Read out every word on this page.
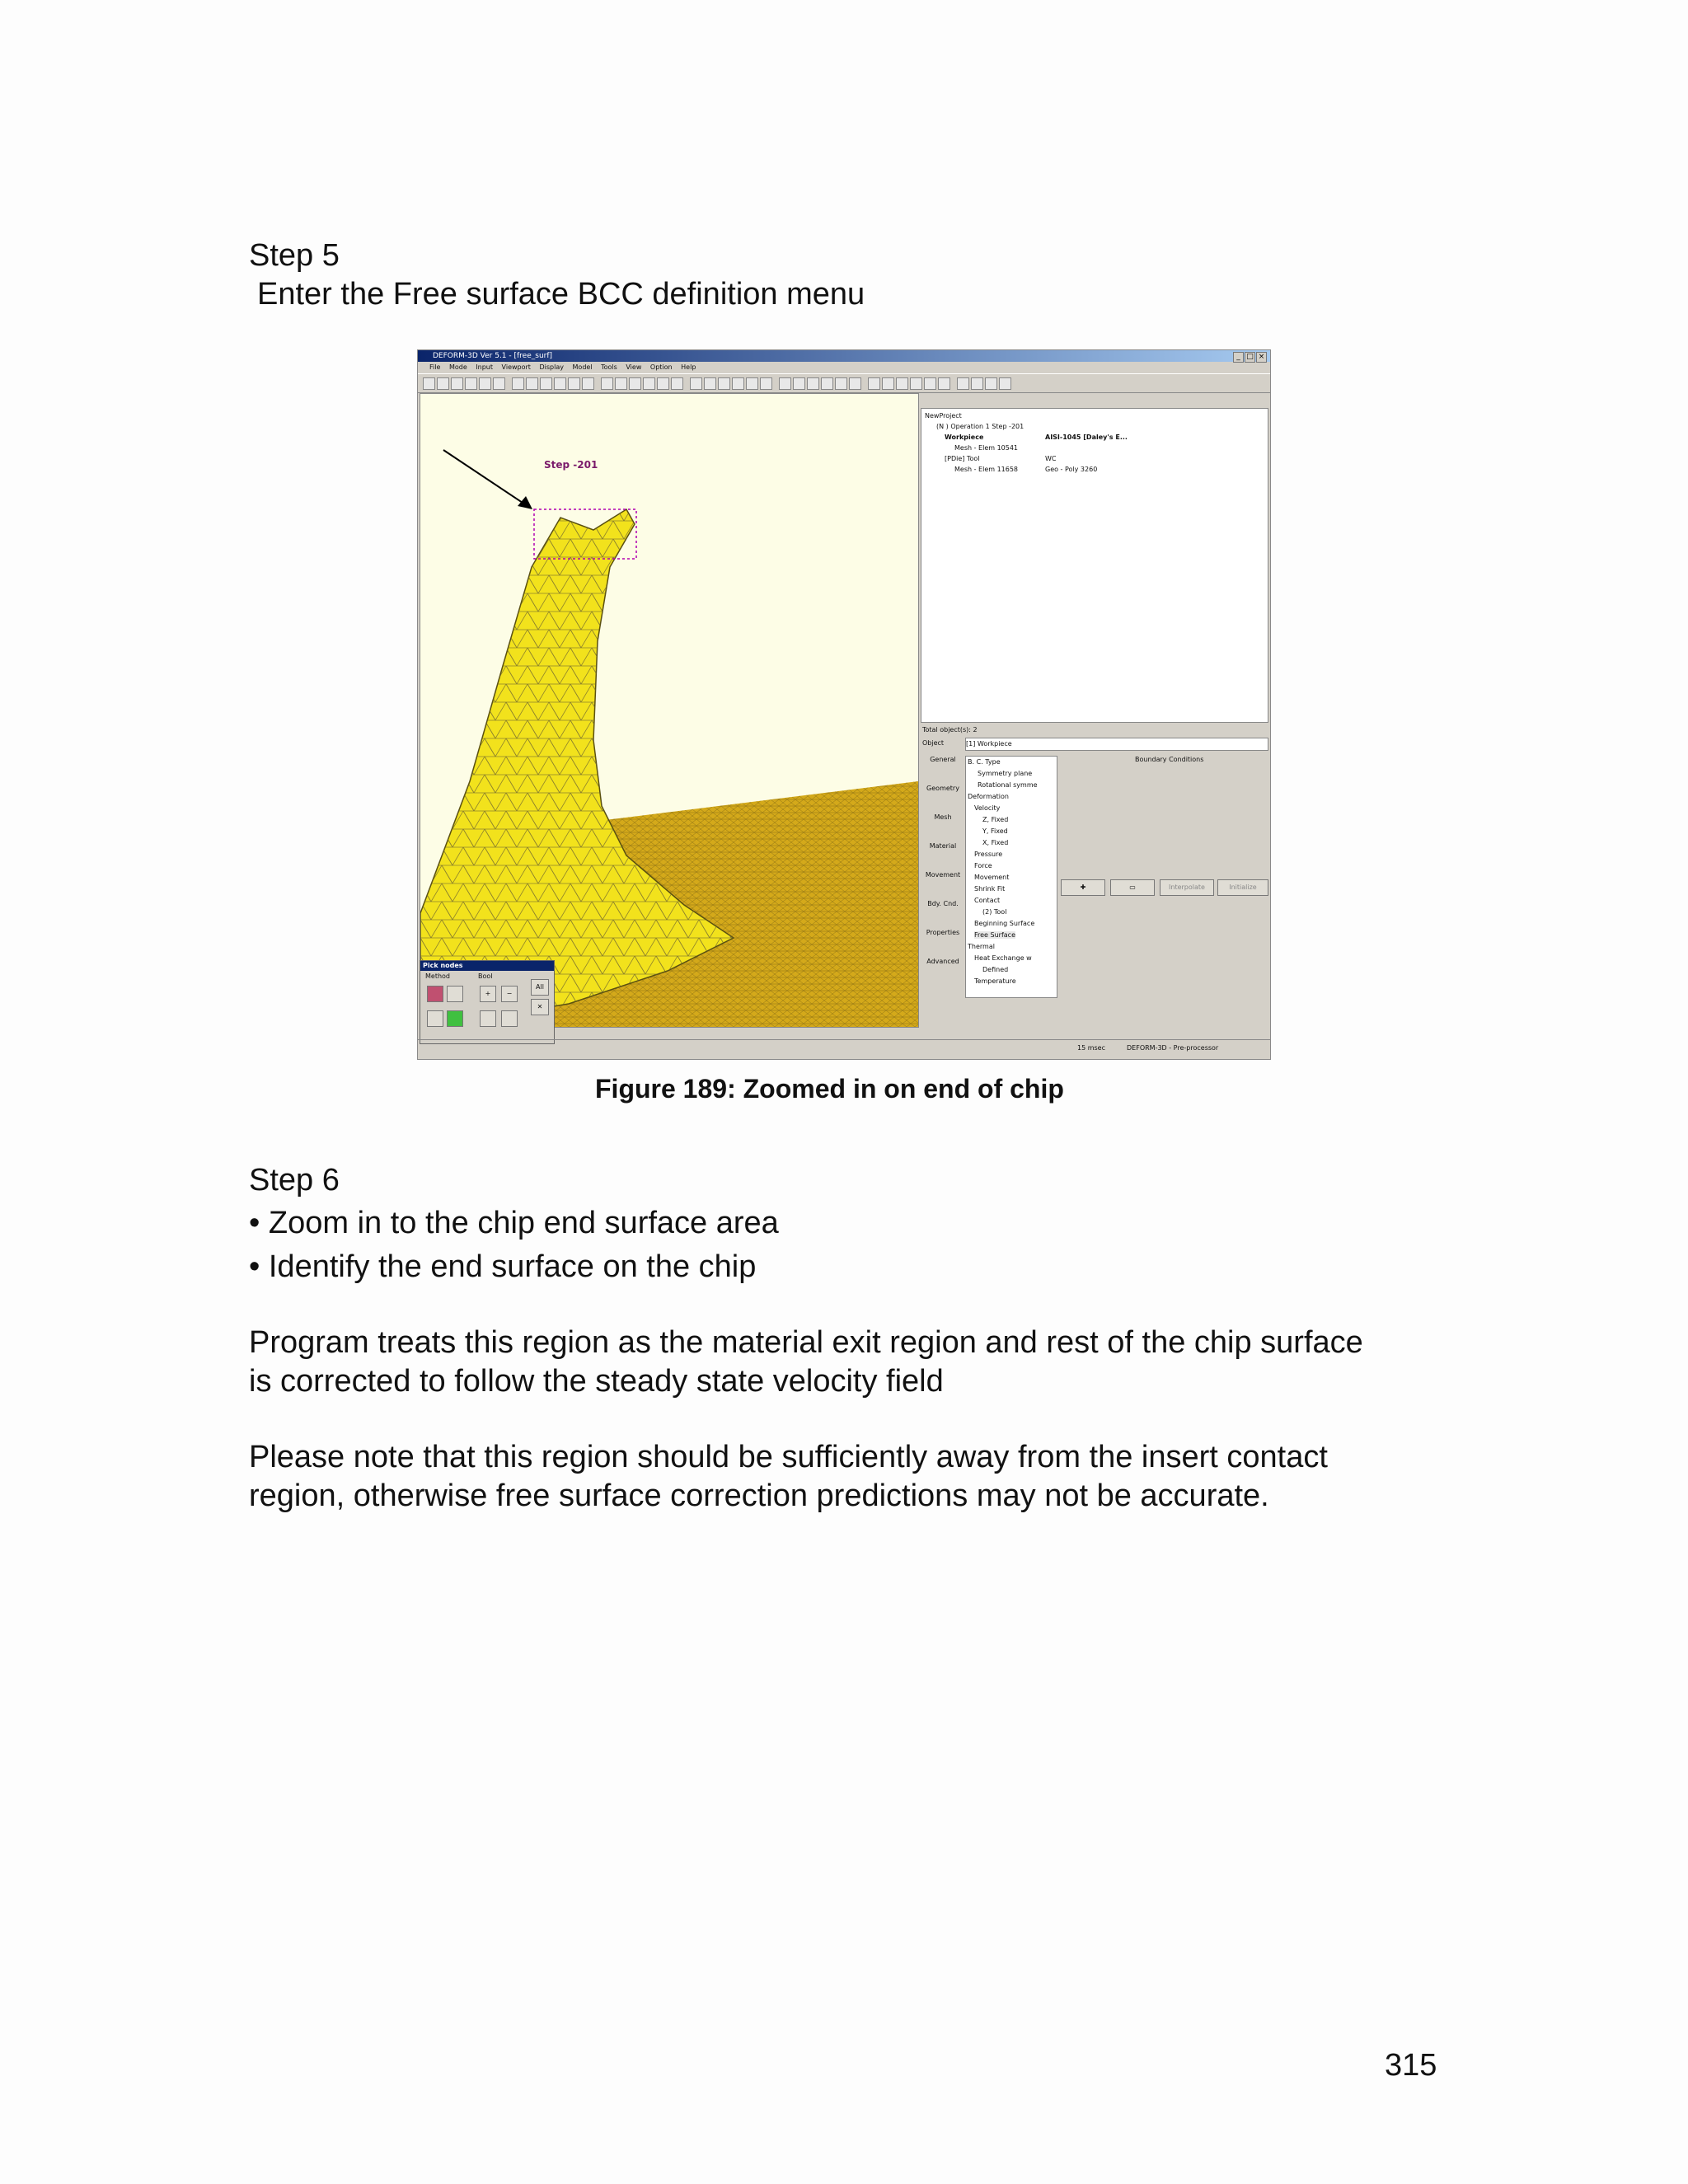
Step 5
Enter the Free surface BCC definition menu
DEFORM-3D Ver 5.1 - [free_surf]	_ □ ×
File Mode Input Viewport Display Model Tools View Option Help
Step -201
Pick nodes
Method	Bool
All
✕
+	−
NewProject
(N ) Operation 1 Step -201
Workpiece	AISI-1045 [Daley's E...
Mesh - Elem 10541
[PDie] Tool	WC
Mesh - Elem 11658	Geo - Poly 3260
Total object(s): 2
Object	[1] Workpiece
General
Geometry
Mesh
Material
Movement
Bdy. Cnd.
Properties
Advanced
B. C. Type
Symmetry plane
Rotational symme
Deformation
Velocity
Z, Fixed
Y, Fixed
X, Fixed
Pressure
Force
Movement
Shrink Fit
Contact
(2) Tool
Beginning Surface
Free Surface
Thermal
Heat Exchange w
Defined
Temperature
Boundary Conditions
✚	▭	Interpolate	Initialize
15 msec	DEFORM-3D - Pre-processor
Figure 189: Zoomed in on end of chip
Step 6
• Zoom in to the chip end surface area
• Identify the end surface on the chip
Program treats this region as the material exit region and rest of the chip surface
is corrected to follow the steady state velocity field
Please note that this region should be sufficiently away from the insert contact
region, otherwise free surface correction predictions may not be accurate.
315
